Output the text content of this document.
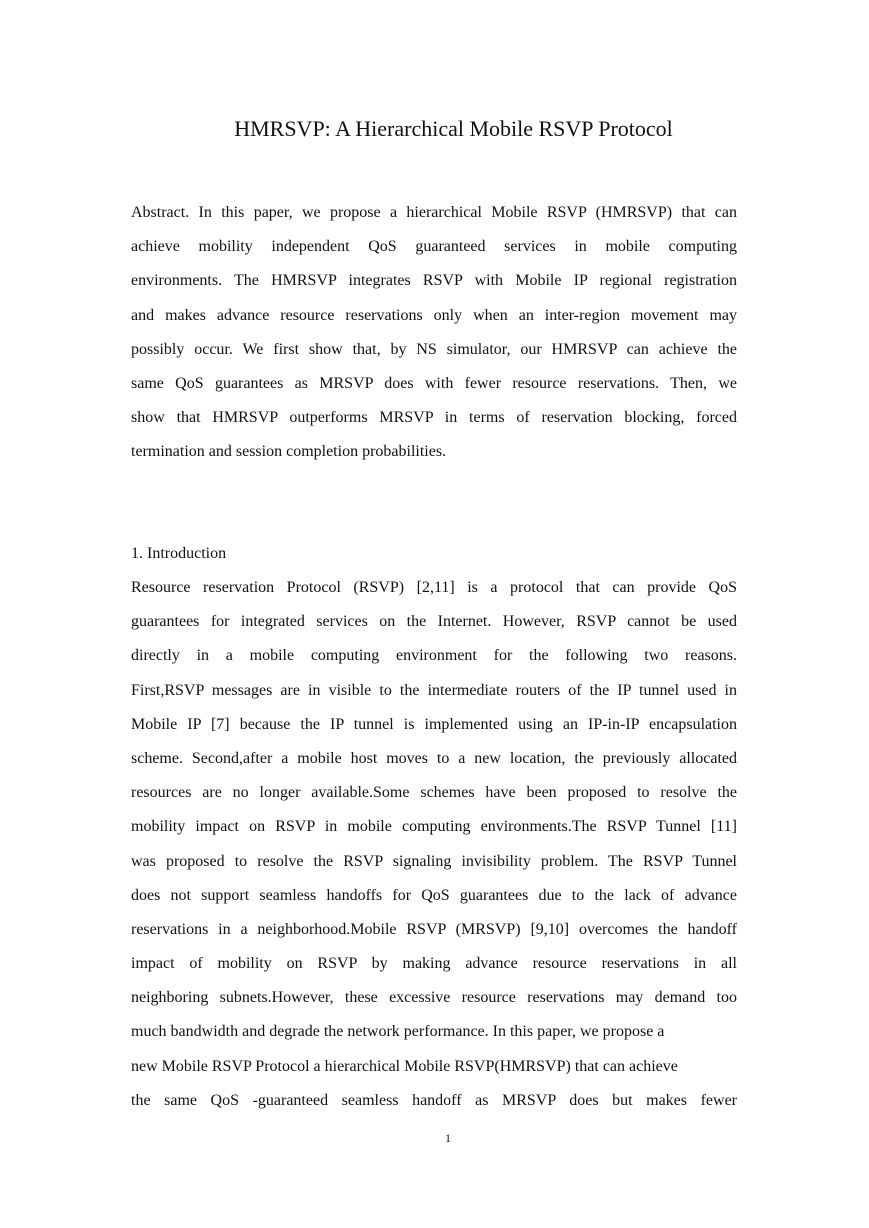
HMRSVP: A Hierarchical Mobile RSVP Protocol
Abstract. In this paper, we propose a hierarchical Mobile RSVP (HMRSVP) that can
achieve mobility independent QoS guaranteed services in mobile computing
environments. The HMRSVP integrates RSVP with Mobile IP regional registration
and makes advance resource reservations only when an inter-region movement may
possibly occur. We first show that, by NS simulator, our HMRSVP can achieve the
same QoS guarantees as MRSVP does with fewer resource reservations. Then, we
show that HMRSVP outperforms MRSVP in terms of reservation blocking, forced
termination and session completion probabilities.
1. Introduction
Resource reservation Protocol (RSVP) [2,11] is a protocol that can provide QoS
guarantees for integrated services on the Internet. However, RSVP cannot be used
directly in a mobile computing environment for the following two reasons.
First,RSVP messages are in visible to the intermediate routers of the IP tunnel used in
Mobile IP [7] because the IP tunnel is implemented using an IP-in-IP encapsulation
scheme. Second,after a mobile host moves to a new location, the previously allocated
resources are no longer available.Some schemes have been proposed to resolve the
mobility impact on RSVP in mobile computing environments.The RSVP Tunnel [11]
was proposed to resolve the RSVP signaling invisibility problem. The RSVP Tunnel
does not support seamless handoffs for QoS guarantees due to the lack of advance
reservations in a neighborhood.Mobile RSVP (MRSVP) [9,10] overcomes the handoff
impact of mobility on RSVP by making advance resource reservations in all
neighboring subnets.However, these excessive resource reservations may demand too
much bandwidth and degrade the network performance. In this paper, we propose a
new Mobile RSVP Protocol a hierarchical Mobile RSVP(HMRSVP) that can achieve
the same QoS -guaranteed seamless handoff as MRSVP does but makes fewer
1
